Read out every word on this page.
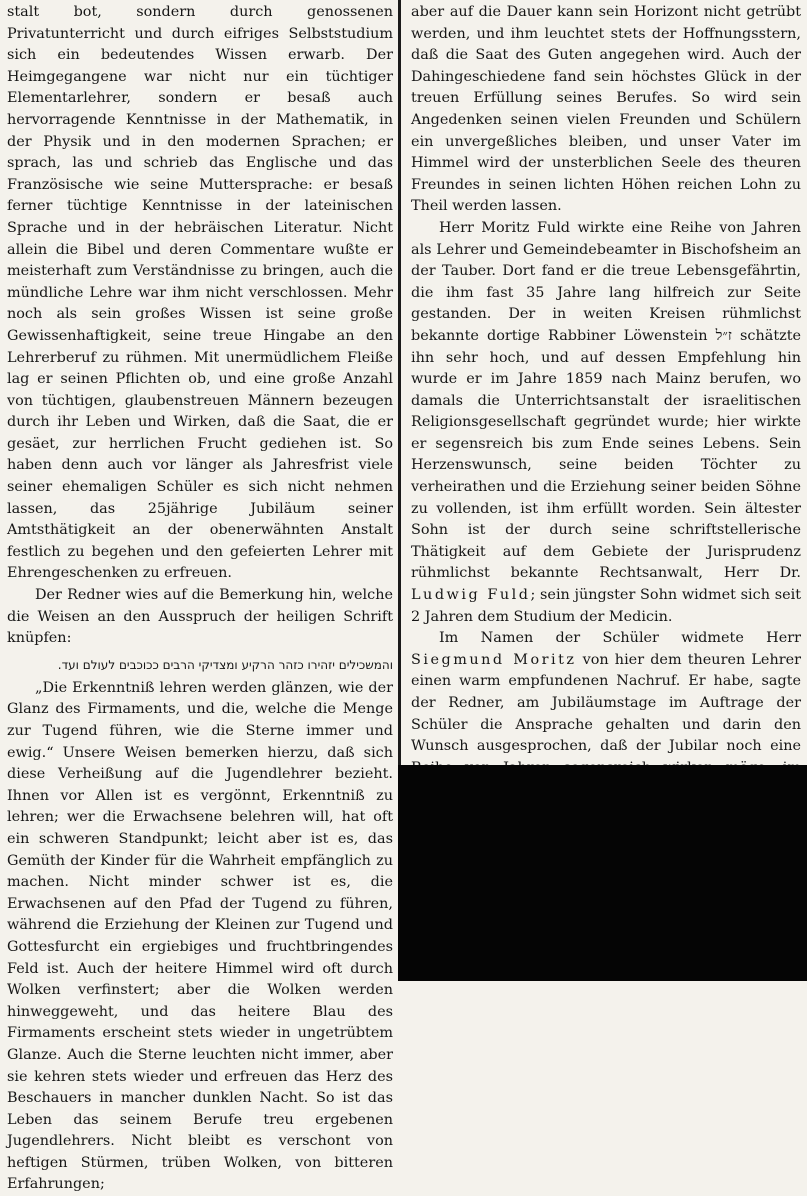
stalt bot, sondern durch genossenen Privatunterricht und durch eifriges Selbststudium sich ein bedeutendes Wissen erwarb. Der Heimgegangene war nicht nur ein tüchtiger Elementarlehrer, sondern er besaß auch hervorragende Kenntnisse in der Mathematik, in der Physik und in den modernen Sprachen; er sprach, las und schrieb das Englische und das Französische wie seine Muttersprache: er besaß ferner tüchtige Kenntnisse in der lateinischen Sprache und in der hebräischen Literatur. Nicht allein die Bibel und deren Commentare wußte er meisterhaft zum Verständnisse zu bringen, auch die mündliche Lehre war ihm nicht verschlossen. Mehr noch als sein großes Wissen ist seine große Gewissenhaftigkeit, seine treue Hingabe an den Lehrerberuf zu rühmen. Mit unermüdlichem Fleiße lag er seinen Pflichten ob, und eine große Anzahl von tüchtigen, glaubenstreuen Männern bezeugen durch ihr Leben und Wirken, daß die Saat, die er gesäet, zur herrlichen Frucht gediehen ist. So haben denn auch vor länger als Jahresfrist viele seiner ehemaligen Schüler es sich nicht nehmen lassen, das 25jährige Jubiläum seiner Amtsthätigkeit an der obenerwähnten Anstalt festlich zu begehen und den gefeierten Lehrer mit Ehrengeschenken zu erfreuen.

Der Redner wies auf die Bemerkung hin, welche die Weisen an den Ausspruch der heiligen Schrift knüpfen:

והמשכילים יזהירו כזהר הרקיע ומצדיקי הרבים ככוכבים לעולם ועד.

„Die Erkenntniß lehren werden glänzen, wie der Glanz des Firmaments, und die, welche die Menge zur Tugend führen, wie die Sterne immer und ewig.“ Unsere Weisen bemerken hierzu, daß sich diese Verheißung auf die Jugendlehrer bezieht. Ihnen vor Allen ist es vergönnt, Erkenntniß zu lehren; wer die Erwachsene belehren will, hat oft ein schweren Standpunkt; leicht aber ist es, das Gemüth der Kinder für die Wahrheit empfänglich zu machen. Nicht minder schwer ist es, die Erwachsenen auf den Pfad der Tugend zu führen, während die Erziehung der Kleinen zur Tugend und Gottesfurcht ein ergiebiges und fruchtbringendes Feld ist. Auch der heitere Himmel wird oft durch Wolken verfinstert; aber die Wolken werden hinweggeweht, und das heitere Blau des Firmaments erscheint stets wieder in ungetrübtem Glanze. Auch die Sterne leuchten nicht immer, aber sie kehren stets wieder und erfreuen das Herz des Beschauers in mancher dunklen Nacht. So ist das Leben das seinem Berufe treu ergebenen Jugendlehrers. Nicht bleibt es verschont von heftigen Stürmen, trüben Wolken, von bitteren Erfahrungen;

aber auf die Dauer kann sein Horizont nicht getrübt werden, und ihm leuchtet stets der Hoffnungsstern, daß die Saat des Guten angegehen wird. Auch der Dahingeschiedene fand sein höchstes Glück in der treuen Erfüllung seines Berufes. So wird sein Angedenken seinen vielen Freunden und Schülern ein unvergeßliches bleiben, und unser Vater im Himmel wird der unsterblichen Seele des theuren Freundes in seinen lichten Höhen reichen Lohn zu Theil werden lassen.

Herr Moritz Fuld wirkte eine Reihe von Jahren als Lehrer und Gemeindebeamter in Bischofsheim an der Tauber. Dort fand er die treue Lebensgefährtin, die ihm fast 35 Jahre lang hilfreich zur Seite gestanden. Der in weiten Kreisen rühmlichst bekannte dortige Rabbiner Löwenstein ז״ל schätzte ihn sehr hoch, und auf dessen Empfehlung hin wurde er im Jahre 1859 nach Mainz berufen, wo damals die Unterrichtsanstalt der israelitischen Religionsgesellschaft gegründet wurde; hier wirkte er segensreich bis zum Ende seines Lebens. Sein Herzenswunsch, seine beiden Töchter zu verheirathen und die Erziehung seiner beiden Söhne zu vollenden, ist ihm erfüllt worden. Sein ältester Sohn ist der durch seine schriftstellerische Thätigkeit auf dem Gebiete der Jurisprudenz rühmlichst bekannte Rechtsanwalt, Herr Dr. Ludwig Fuld; sein jüngster Sohn widmet sich seit 2 Jahren dem Studium der Medicin.

Im Namen der Schüler widmete Herr Siegmund Moritz von hier dem theuren Lehrer einen warm empfundenen Nachruf. Er habe, sagte der Redner, am Jubiläumstage im Auftrage der Schüler die Ansprache gehalten und darin den Wunsch ausgesprochen, daß der Jubilar noch eine
